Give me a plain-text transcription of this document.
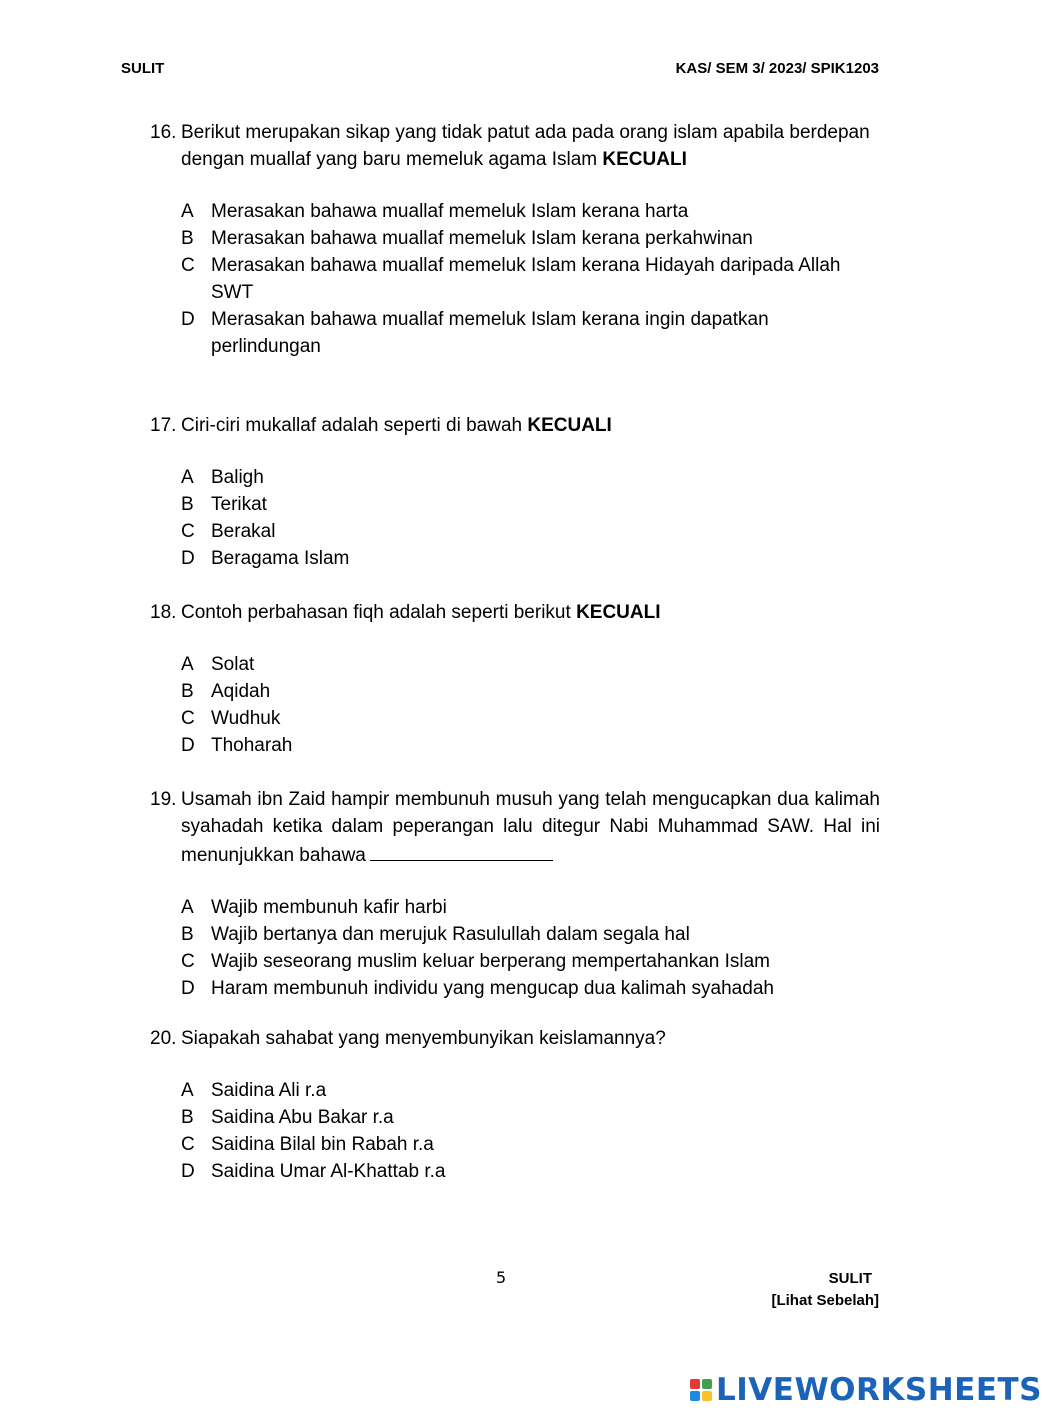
SULIT	KAS/ SEM 3/ 2023/ SPIK1203
16. Berikut merupakan sikap yang tidak patut ada pada orang islam apabila berdepan dengan muallaf yang baru memeluk agama Islam KECUALI
A Merasakan bahawa muallaf memeluk Islam kerana harta
B Merasakan bahawa muallaf memeluk Islam kerana perkahwinan
C Merasakan bahawa muallaf memeluk Islam kerana Hidayah daripada Allah SWT
D Merasakan bahawa muallaf memeluk Islam kerana ingin dapatkan perlindungan
17. Ciri-ciri mukallaf adalah seperti di bawah KECUALI
A Baligh
B Terikat
C Berakal
D Beragama Islam
18. Contoh perbahasan fiqh adalah seperti berikut KECUALI
A Solat
B Aqidah
C Wudhuk
D Thoharah
19. Usamah ibn Zaid hampir membunuh musuh yang telah mengucapkan dua kalimah syahadah ketika dalam peperangan lalu ditegur Nabi Muhammad SAW. Hal ini menunjukkan bahawa
A Wajib membunuh kafir harbi
B Wajib bertanya dan merujuk Rasulullah dalam segala hal
C Wajib seseorang muslim keluar berperang mempertahankan Islam
D Haram membunuh individu yang mengucap dua kalimah syahadah
20. Siapakah sahabat yang menyembunyikan keislamannya?
A Saidina Ali r.a
B Saidina Abu Bakar r.a
C Saidina Bilal bin Rabah r.a
D Saidina Umar Al-Khattab r.a
5	SULIT
[Lihat Sebelah]
LIVEWORKSHEETS
